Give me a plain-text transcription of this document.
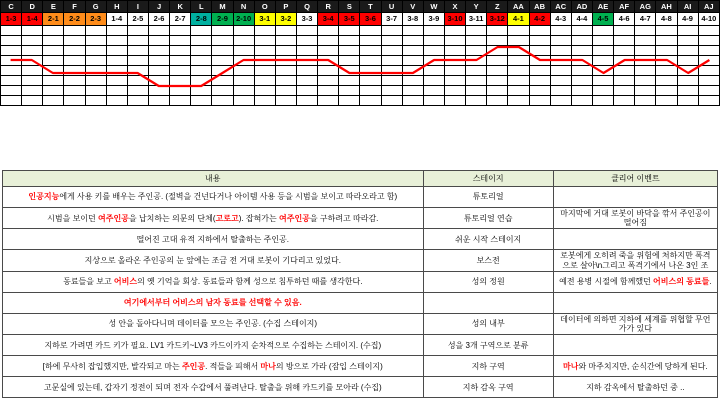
C	D	E	F	G	H	I	J	K	L	M	N	O	P	Q	R	S	T	U	V	W	X	Y	Z	AA	AB	AC	AD	AE	AF	AG	AH	AI	AJ
1-3	1-4	2-1	2-2	2-3	1-4	2-5	2-6	2-7	2-8	2-9	2-10	3-1	3-2	3-3	3-4	3-5	3-6	3-7	3-8	3-9	3-10	3-11	3-12	4-1	4-2	4-3	4-4	4-5	4-6	4-7	4-8	4-9	4-10

내용	스테이지	클리어 이벤트
인공지능에게 사용 키를 배우는 주인공. (절벽을 건넌다거나 아이템 사용 등을 시범을 보이고 따라오라고 함)	튜토리얼	
시범을 보이던 여주인공을 납치하는 의문의 단체(고로고). 잡혀가는 여주인공을 구하려고 따라감.	튜토리얼 연습	마지막에 거대 로봇이 바닥을 깎서 주인공이 떨어짐
떨어진 고대 유적 지하에서 탈출하는 주인공.	쉬운 시작 스테이지	
지상으로 올라온 주인공의 눈 앞에는 조금 전 거대 로봇이 기다리고 있었다.	보스전	로봇에게 오히려 죽을 위험에 처하지만 폭격으로 살아\n그리고 폭격기에서 나온 3인 조
동료들을 보고 어비스의 옛 기억을 회상. 동료들과 함께 성으로 침투하던 때를 생각한다.	성의 정원	예전 용병 시절에 함께했던 어비스의 동료들.
여기에서부터 어비스의 남자 동료를 선택할 수 있음.		
성 안을 돌아다니며 데이터를 모으는 주인공. (수집 스테이지)	성의 내부	데이터에 의하면 지하에 세계를 위협할 무언가가 있다
지하로 가려면 카드 키가 필요. LV1 카드키~LV3 카드이카지 순차적으로 수집하는 스테이지. (수집)	성을 3개 구역으로 분류	
[하에 무사히 잡입했지만, 발각되고 마는 주인공. 적들을 피해서 마나의 방으로 가라 (잠입 스테이지)	지하 구역	마나와 마주치지만, 순식간에 당하게 된다.
고문실에 있는데, 갑자기 정전이 되며 전자 수갑에서 풀려난다. 탈출을 위해 카드키를 모아라 (수집)	지하 감옥 구역	지하 감옥에서 탈출하던 중 ..
